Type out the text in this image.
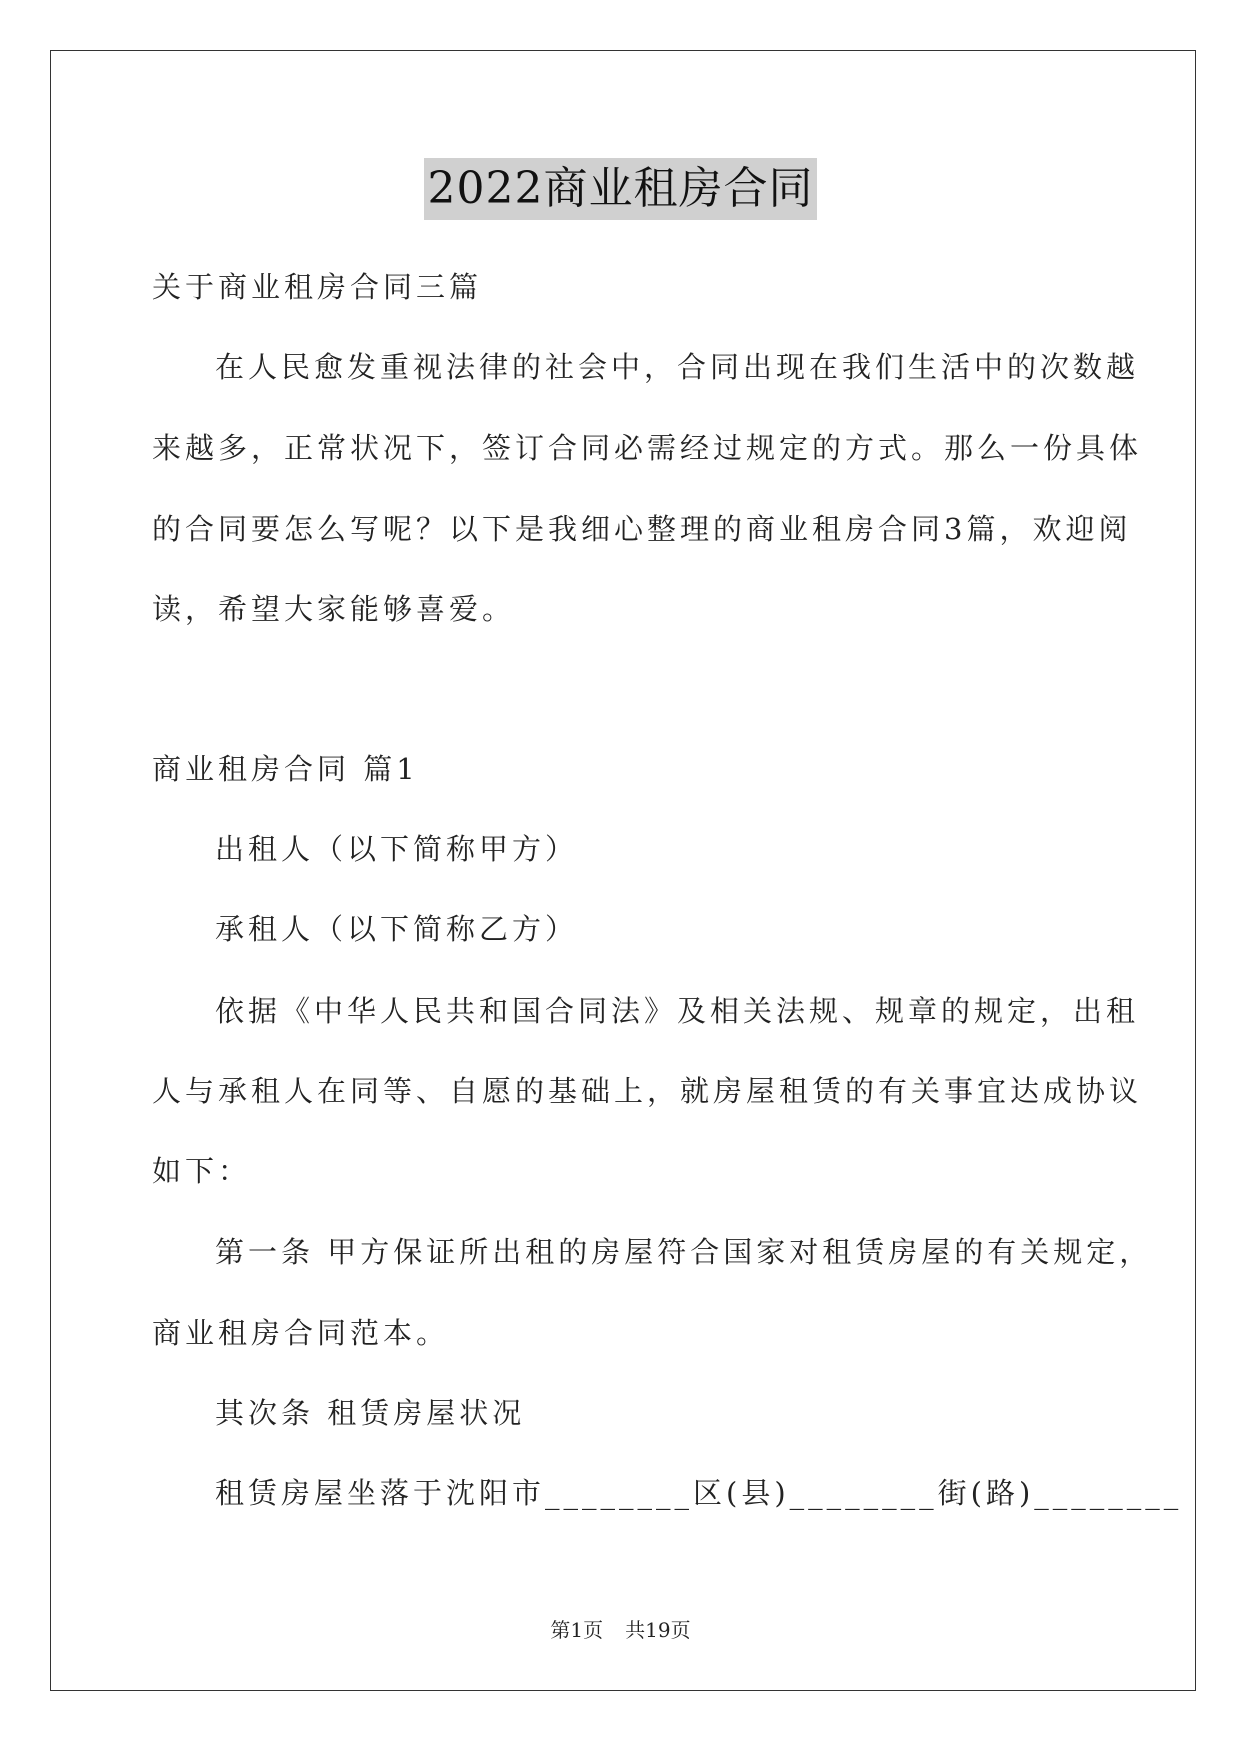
2022商业租房合同
关于商业租房合同三篇
在人民愈发重视法律的社会中，合同出现在我们生活中的次数越
来越多，正常状况下，签订合同必需经过规定的方式。那么一份具体
的合同要怎么写呢？以下是我细心整理的商业租房合同3篇，欢迎阅
读，希望大家能够喜爱。
商业租房合同 篇1
出租人（以下简称甲方）
承租人（以下简称乙方）
依据《中华人民共和国合同法》及相关法规、规章的规定，出租
人与承租人在同等、自愿的基础上，就房屋租赁的有关事宜达成协议
如下：
第一条 甲方保证所出租的房屋符合国家对租赁房屋的有关规定，
商业租房合同范本。
其次条 租赁房屋状况
租赁房屋坐落于沈阳市________区(县)________街(路)________
第1页 共19页
